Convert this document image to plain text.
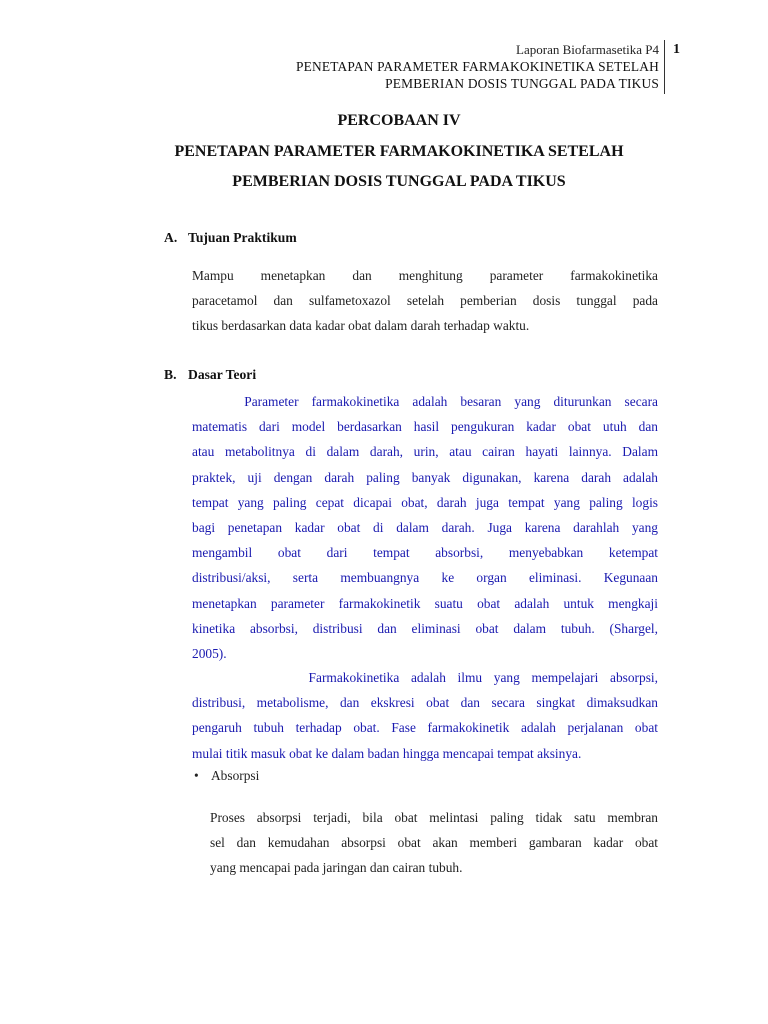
Laporan Biofarmasetika P4
PENETAPAN PARAMETER FARMAKOKINETIKA SETELAH
PEMBERIAN DOSIS TUNGGAL PADA TIKUS
1
PERCOBAAN IV
PENETAPAN PARAMETER FARMAKOKINETIKA SETELAH
PEMBERIAN DOSIS TUNGGAL PADA TIKUS
A. Tujuan Praktikum
Mampu menetapkan dan menghitung parameter farmakokinetika
paracetamol dan sulfametoxazol setelah pemberian dosis tunggal pada
tikus berdasarkan data kadar obat dalam darah terhadap waktu.
B. Dasar Teori
Parameter farmakokinetika adalah besaran yang diturunkan secara
matematis dari model berdasarkan hasil pengukuran kadar obat utuh dan
atau metabolitnya di dalam darah, urin, atau cairan hayati lainnya. Dalam
praktek, uji dengan darah paling banyak digunakan, karena darah adalah
tempat yang paling cepat dicapai obat, darah juga tempat yang paling logis
bagi penetapan kadar obat di dalam darah. Juga karena darahlah yang
mengambil obat dari tempat absorbsi, menyebabkan ketempat
distribusi/aksi, serta membuangnya ke organ eliminasi. Kegunaan
menetapkan parameter farmakokinetik suatu obat adalah untuk mengkaji
kinetika absorbsi, distribusi dan eliminasi obat dalam tubuh. (Shargel,
2005).
Farmakokinetika adalah ilmu yang mempelajari absorpsi,
distribusi, metabolisme, dan ekskresi obat dan secara singkat dimaksudkan
pengaruh tubuh terhadap obat. Fase farmakokinetik adalah perjalanan obat
mulai titik masuk obat ke dalam badan hingga mencapai tempat aksinya.
• Absorpsi
Proses absorpsi terjadi, bila obat melintasi paling tidak satu membran
sel dan kemudahan absorpsi obat akan memberi gambaran kadar obat
yang mencapai pada jaringan dan cairan tubuh.
